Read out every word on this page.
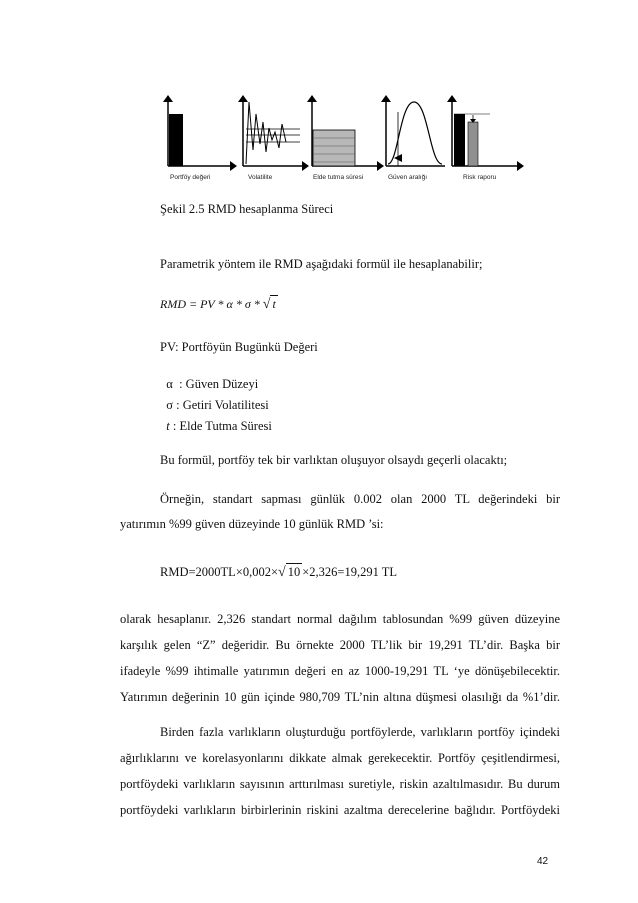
Portföy değeri	Volatilite	Elde tutma süresi	Güven aralığı	Risk raporu
Şekil 2.5 RMD hesaplanma Süreci
Parametrik yöntem ile RMD aşağıdaki formül ile hesaplanabilir;
RMD = PV * α * σ * √ t
PV: Portföyün Bugünkü Değeri

α  : Güven Düzeyi

σ : Getiri Volatilitesi

t : Elde Tutma Süresi

Bu formül, portföy tek bir varlıktan oluşuyor olsaydı geçerli olacaktı;
Örneğin, standart sapması günlük 0.002 olan 2000 TL değerindeki bir
yatırımın %99 güven düzeyinde 10 günlük RMD ’si:
RMD=2000TL×0,002×√ 10 ×2,326=19,291 TL
olarak hesaplanır. 2,326 standart normal dağılım tablosundan %99 güven düzeyine
karşılık gelen “Z” değeridir. Bu örnekte 2000 TL’lik bir 19,291 TL’dir. Başka bir
ifadeyle %99 ihtimalle yatırımın değeri en az 1000-19,291 TL ‘ye dönüşebilecektir.
Yatırımın değerinin 10 gün içinde 980,709 TL’nin altına düşmesi olasılığı da %1’dir.
Birden fazla varlıkların oluşturduğu portföylerde, varlıkların portföy içindeki
ağırlıklarını ve korelasyonlarını dikkate almak gerekecektir. Portföy çeşitlendirmesi,
portföydeki varlıkların sayısının arttırılması suretiyle, riskin azaltılmasıdır. Bu durum
portföydeki varlıkların birbirlerinin riskini azaltma derecelerine bağlıdır. Portföydeki
42
